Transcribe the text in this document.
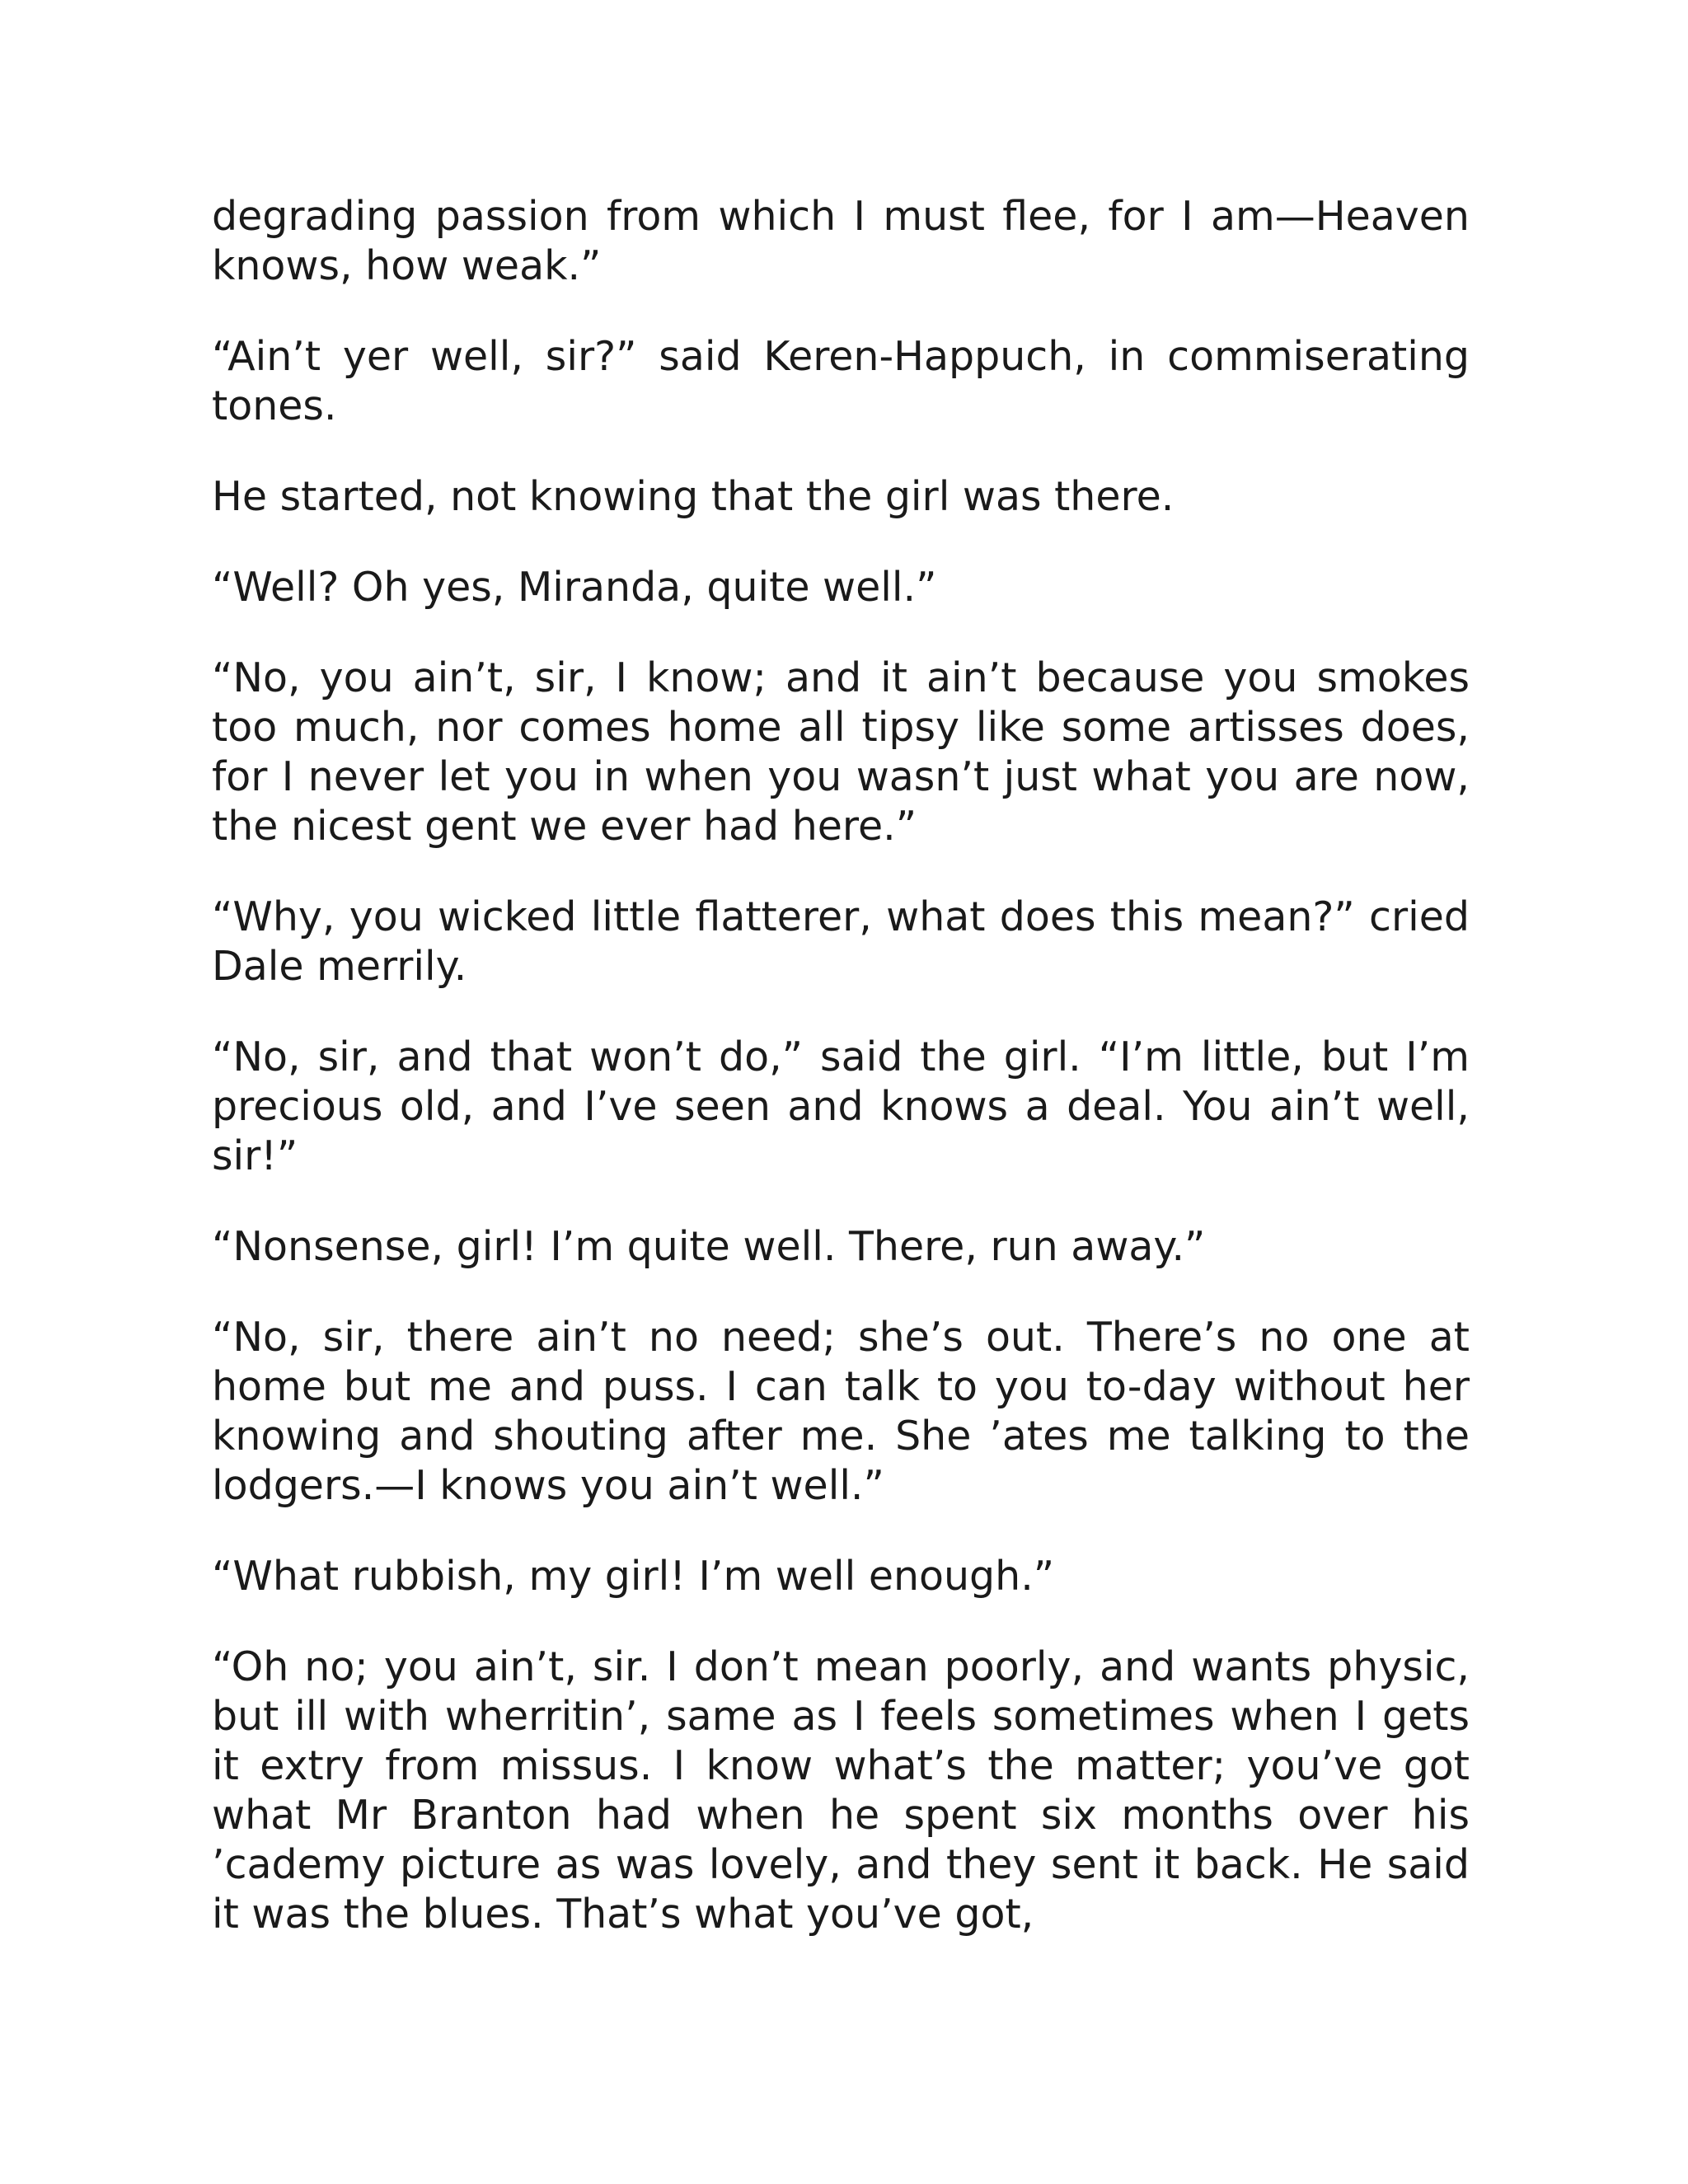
degrading passion from which I must flee, for I am—Heaven knows, how weak.”

“Ain’t yer well, sir?” said Keren-Happuch, in commiserating tones.

He started, not knowing that the girl was there.

“Well? Oh yes, Miranda, quite well.”

“No, you ain’t, sir, I know; and it ain’t because you smokes too much, nor comes home all tipsy like some artisses does, for I never let you in when you wasn’t just what you are now, the nicest gent we ever had here.”

“Why, you wicked little flatterer, what does this mean?” cried Dale merrily.

“No, sir, and that won’t do,” said the girl. “I’m little, but I’m precious old, and I’ve seen and knows a deal. You ain’t well, sir!”

“Nonsense, girl! I’m quite well. There, run away.”

“No, sir, there ain’t no need; she’s out. There’s no one at home but me and puss. I can talk to you to-day without her knowing and shouting after me. She ’ates me talking to the lodgers.—I knows you ain’t well.”

“What rubbish, my girl! I’m well enough.”

“Oh no; you ain’t, sir. I don’t mean poorly, and wants physic, but ill with wherritin’, same as I feels sometimes when I gets it extry from missus. I know what’s the matter; you’ve got what Mr Branton had when he spent six months over his ’cademy picture as was lovely, and they sent it back. He said it was the blues. That’s what you’ve got,
